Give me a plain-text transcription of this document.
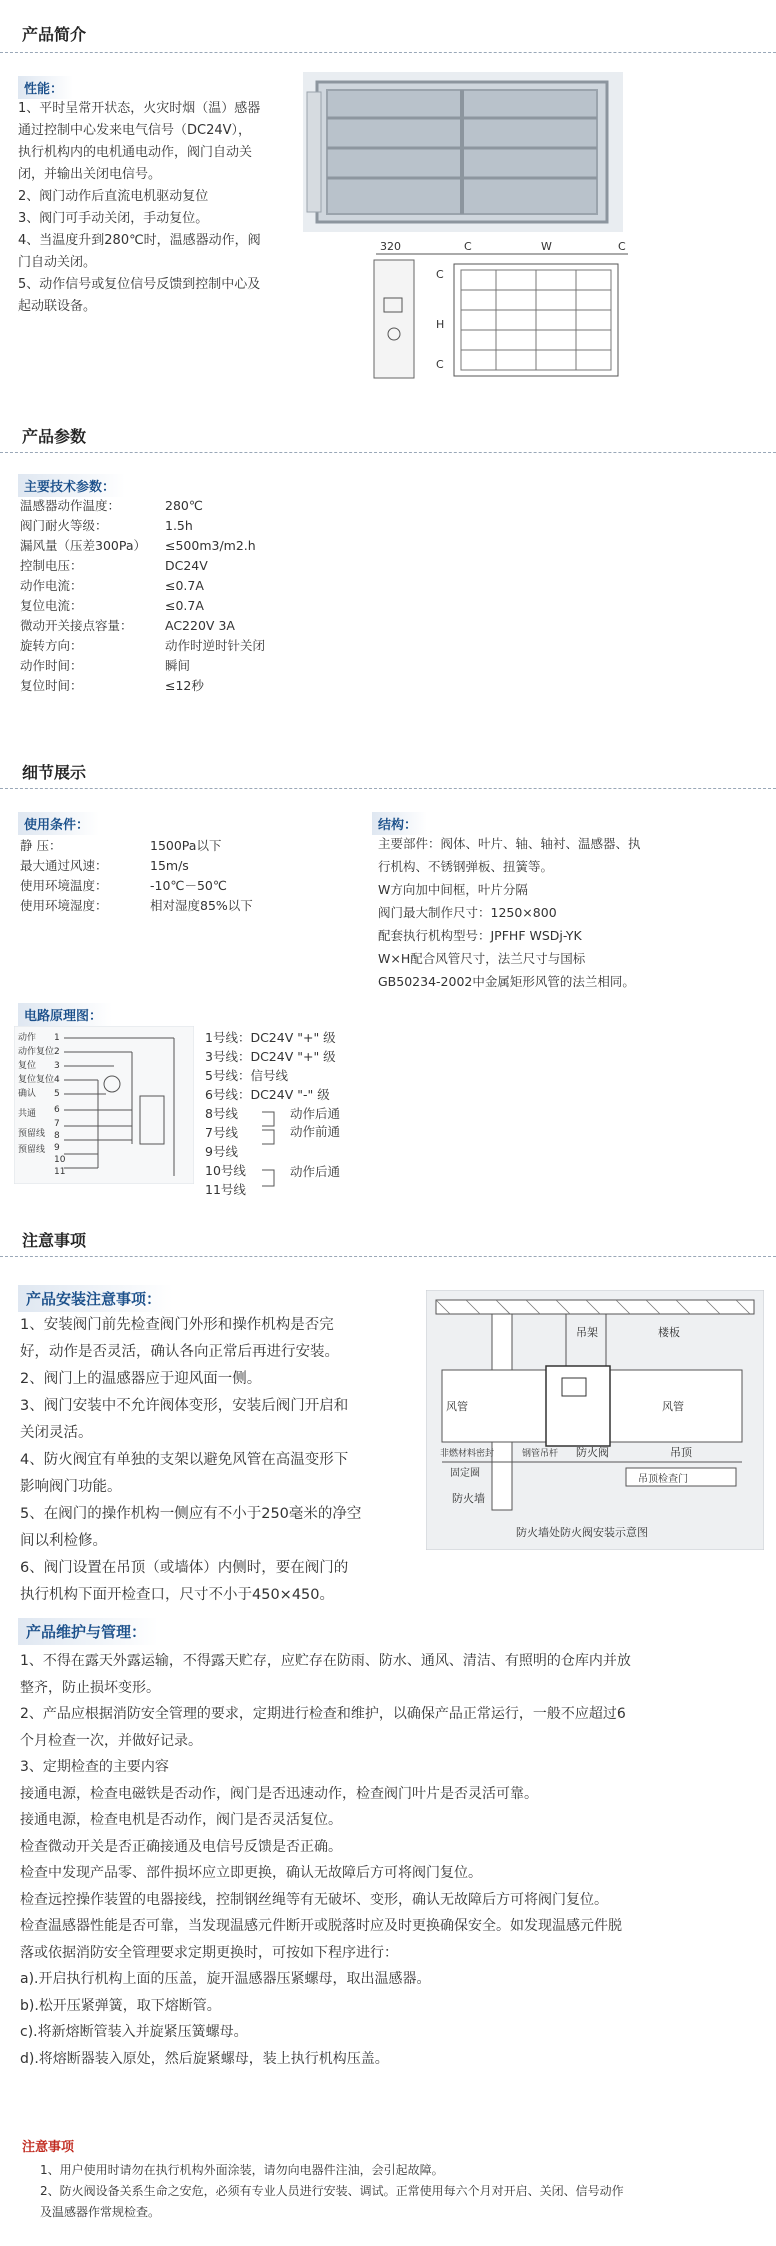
产品简介
性能：

1、平时呈常开状态，火灾时烟（温）感器

通过控制中心发来电气信号（DC24V），

执行机构内的电机通电动作，阀门自动关

闭，并输出关闭电信号。

2、阀门动作后直流电机驱动复位

3、阀门可手动关闭，手动复位。

4、当温度升到280℃时，温感器动作，阀

门自动关闭。

5、动作信号或复位信号反馈到控制中心及

起动联设备。

320	C	W	C
C
H
C
产品参数
主要技术参数：
温感器动作温度：	280℃
阀门耐火等级：	1.5h
漏风量（压差300Pa）	≤500m3/m2.h
控制电压：	DC24V
动作电流：	≤0.7A
复位电流：	≤0.7A
微动开关接点容量：	AC220V 3A
旋转方向：	动作时逆时针关闭
动作时间：	瞬间
复位时间：	≤12秒
细节展示
使用条件：
静 压：	1500Pa以下
最大通过风速：	15m/s
使用环境温度：	-10℃－50℃
使用环境湿度：	相对湿度85%以下
结构：

主要部件：阀体、叶片、轴、轴衬、温感器、执

行机构、不锈钢弹板、扭簧等。

W方向加中间框，叶片分隔

阀门最大制作尺寸：1250×800

配套执行机构型号：JPFHF WSDj-YK

W×H配合风管尺寸，法兰尺寸与国标

GB50234-2002中金属矩形风管的法兰相同。

电路原理图：
动作
动作复位
复位
复位复位
确认
共通
预留线
预留线
1
2
3
4
5
6
7
8
9
10
11
1号线：DC24V "+" 级
3号线：DC24V "+" 级
5号线：信号线
6号线：DC24V "-" 级
8号线
7号线
9号线
10号线
11号线
动作后通
动作前通
动作后通
注意事项
产品安装注意事项：

1、安装阀门前先检查阀门外形和操作机构是否完

好，动作是否灵活，确认各向正常后再进行安装。

2、阀门上的温感器应于迎风面一侧。

3、阀门安装中不允许阀体变形，安装后阀门开启和

关闭灵活。

4、防火阀宜有单独的支架以避免风管在高温变形下

影响阀门功能。

5、在阀门的操作机构一侧应有不小于250毫米的净空

间以利检修。

6、阀门设置在吊顶（或墙体）内侧时，要在阀门的

执行机构下面开检查口，尺寸不小于450×450。

吊架	楼板
风管	风管
非燃材料密封
固定圈
钢管吊杆 防火阀	吊顶
防火墙
吊顶检查门
防火墙处防火阀安装示意图
产品维护与管理：

1、不得在露天外露运输，不得露天贮存，应贮存在防雨、防水、通风、清洁、有照明的仓库内并放

整齐，防止损坏变形。

2、产品应根据消防安全管理的要求，定期进行检查和维护，以确保产品正常运行，一般不应超过6

个月检查一次，并做好记录。

3、定期检查的主要内容

接通电源，检查电磁铁是否动作，阀门是否迅速动作，检查阀门叶片是否灵活可靠。

接通电源，检查电机是否动作，阀门是否灵活复位。

检查微动开关是否正确接通及电信号反馈是否正确。

检查中发现产品零、部件损坏应立即更换，确认无故障后方可将阀门复位。

检查远控操作装置的电器接线，控制钢丝绳等有无破坏、变形，确认无故障后方可将阀门复位。

检查温感器性能是否可靠，当发现温感元件断开或脱落时应及时更换确保安全。如发现温感元件脱

落或依据消防安全管理要求定期更换时，可按如下程序进行：

a).开启执行机构上面的压盖，旋开温感器压紧螺母，取出温感器。

b).松开压紧弹簧，取下熔断管。

c).将新熔断管装入并旋紧压簧螺母。

d).将熔断器装入原处，然后旋紧螺母，装上执行机构压盖。

注意事项

1、用户使用时请勿在执行机构外面涂装，请勿向电器件注油，会引起故障。

2、防火阀设备关系生命之安危，必须有专业人员进行安装、调试。正常使用每六个月对开启、关闭、信号动作

及温感器作常规检查。
